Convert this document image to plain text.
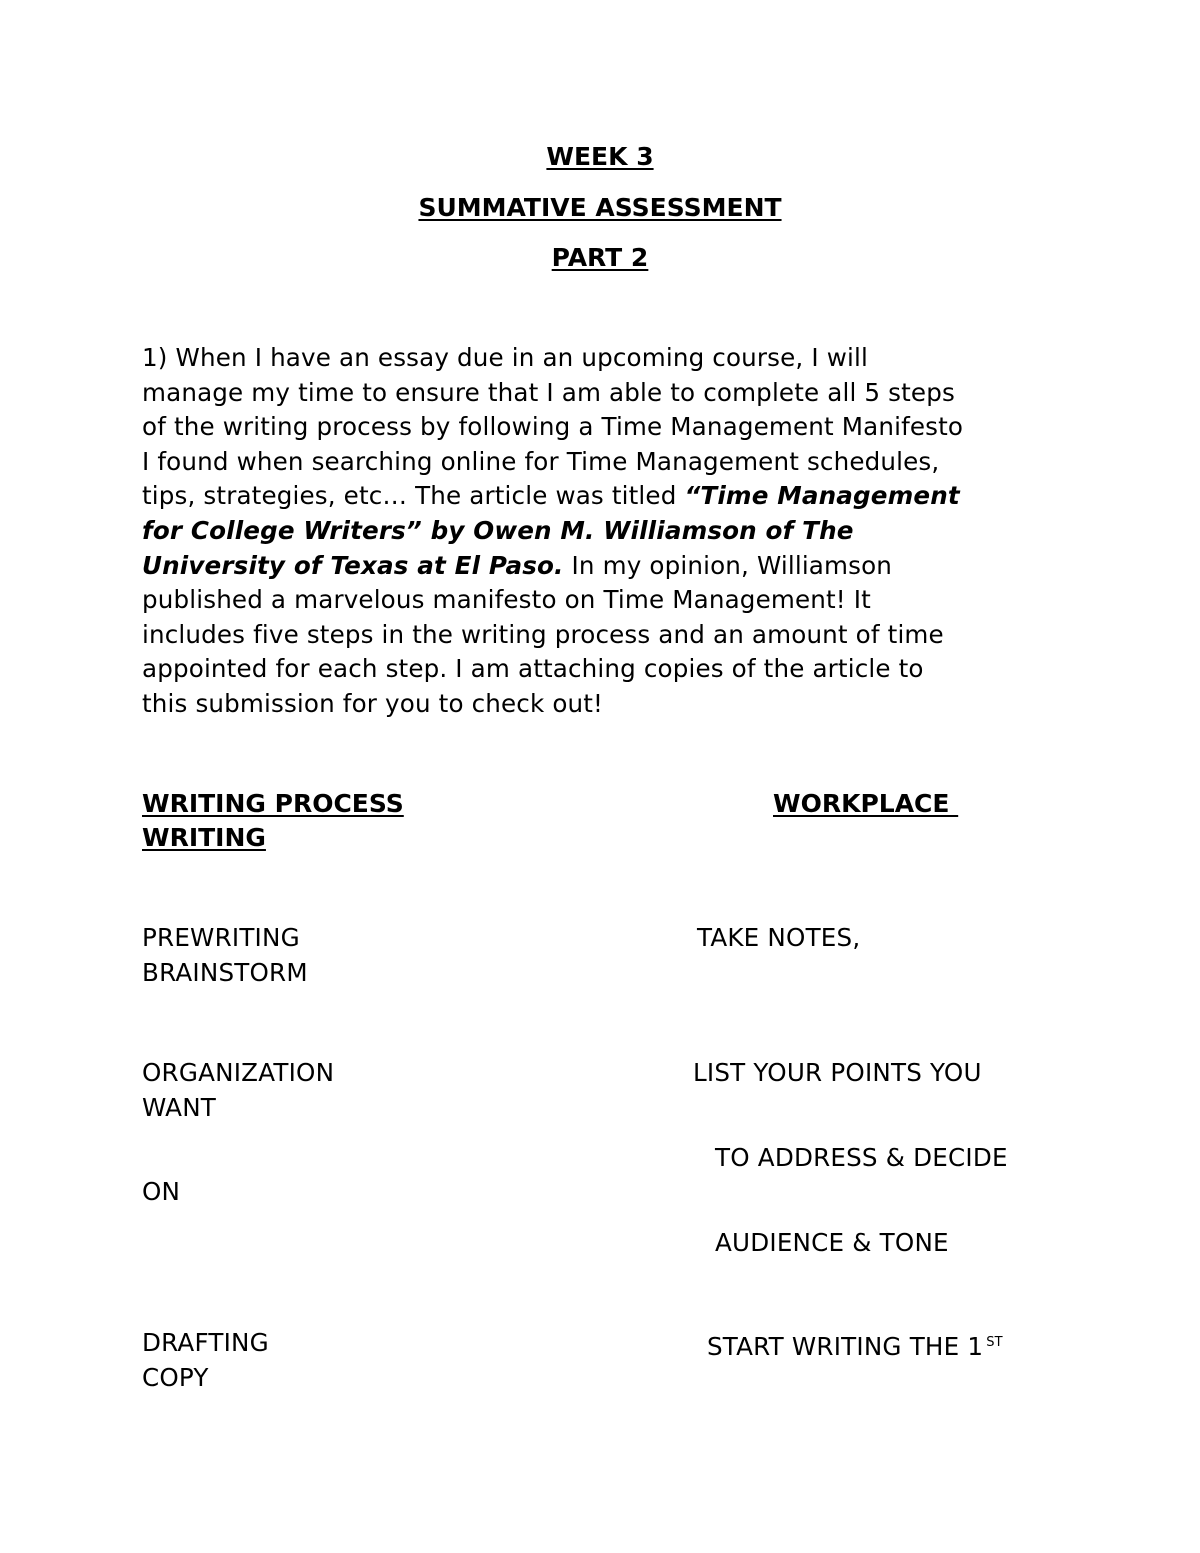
WEEK 3
SUMMATIVE ASSESSMENT
PART 2
1) When I have an essay due in an upcoming course, I will
manage my time to ensure that I am able to complete all 5 steps
of the writing process by following a Time Management Manifesto
I found when searching online for Time Management schedules,
tips, strategies, etc… The article was titled “Time Management
for College Writers” by Owen M. Williamson of The
University of Texas at El Paso. In my opinion, Williamson
published a marvelous manifesto on Time Management! It
includes five steps in the writing process and an amount of time
appointed for each step. I am attaching copies of the article to
this submission for you to check out!
WRITING PROCESS	WORKPLACE
WRITING
PREWRITING	TAKE NOTES,
BRAINSTORM
ORGANIZATION	LIST YOUR POINTS YOU
WANT
TO ADDRESS & DECIDE
ON
AUDIENCE & TONE
DRAFTING	START WRITING THE 1 $^{ST}$
COPY
